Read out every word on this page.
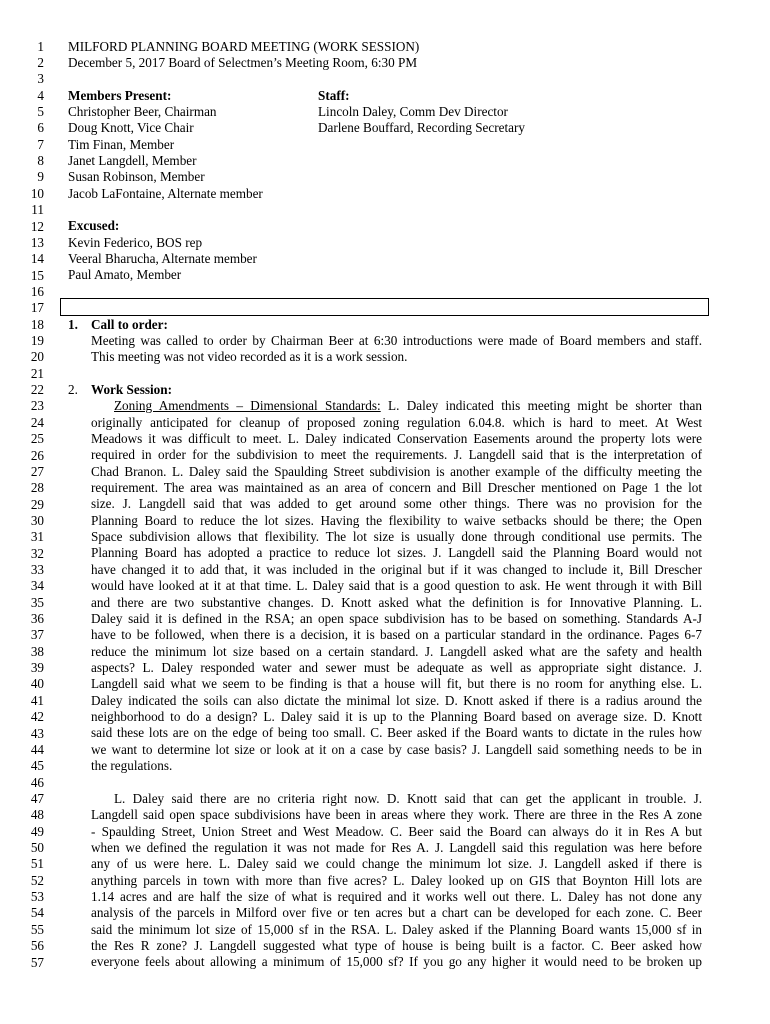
1
2
3
4
5
6
7
8
9
10
11
12
13
14
15
16
17
18
19
20
21
22
23
24
25
26
27
28
29
30
31
32
33
34
35
36
37
38
39
40
41
42
43
44
45
46
47
48
49
50
51
52
53
54
55
56
57
MILFORD PLANNING BOARD MEETING (WORK SESSION)
December 5, 2017 Board of Selectmen’s Meeting Room, 6:30 PM
Members Present:	Staff:
Christopher Beer, Chairman	Lincoln Daley, Comm Dev Director
Doug Knott, Vice Chair	Darlene Bouffard, Recording Secretary
Tim Finan, Member
Janet Langdell, Member
Susan Robinson, Member
Jacob LaFontaine, Alternate member
Excused:
Kevin Federico, BOS rep
Veeral Bharucha, Alternate member
Paul Amato, Member
1. Call to order:
Meeting was called to order by Chairman Beer at 6:30 introductions were made of Board members and staff.
This meeting was not video recorded as it is a work session.
2. Work Session:
Zoning Amendments – Dimensional Standards: L. Daley indicated this meeting might be shorter than
originally anticipated for cleanup of proposed zoning regulation 6.04.8. which is hard to meet. At West
Meadows it was difficult to meet. L. Daley indicated Conservation Easements around the property lots were
required in order for the subdivision to meet the requirements. J. Langdell said that is the interpretation of
Chad Branon. L. Daley said the Spaulding Street subdivision is another example of the difficulty meeting the
requirement. The area was maintained as an area of concern and Bill Drescher mentioned on Page 1 the lot
size. J. Langdell said that was added to get around some other things. There was no provision for the
Planning Board to reduce the lot sizes. Having the flexibility to waive setbacks should be there; the Open
Space subdivision allows that flexibility. The lot size is usually done through conditional use permits. The
Planning Board has adopted a practice to reduce lot sizes. J. Langdell said the Planning Board would not
have changed it to add that, it was included in the original but if it was changed to include it, Bill Drescher
would have looked at it at that time. L. Daley said that is a good question to ask. He went through it with Bill
and there are two substantive changes. D. Knott asked what the definition is for Innovative Planning. L.
Daley said it is defined in the RSA; an open space subdivision has to be based on something. Standards A-J
have to be followed, when there is a decision, it is based on a particular standard in the ordinance. Pages 6-7
reduce the minimum lot size based on a certain standard. J. Langdell asked what are the safety and health
aspects? L. Daley responded water and sewer must be adequate as well as appropriate sight distance. J.
Langdell said what we seem to be finding is that a house will fit, but there is no room for anything else. L.
Daley indicated the soils can also dictate the minimal lot size. D. Knott asked if there is a radius around the
neighborhood to do a design? L. Daley said it is up to the Planning Board based on average size. D. Knott
said these lots are on the edge of being too small. C. Beer asked if the Board wants to dictate in the rules how
we want to determine lot size or look at it on a case by case basis? J. Langdell said something needs to be in
the regulations.
L. Daley said there are no criteria right now. D. Knott said that can get the applicant in trouble. J.
Langdell said open space subdivisions have been in areas where they work. There are three in the Res A zone
- Spaulding Street, Union Street and West Meadow. C. Beer said the Board can always do it in Res A but
when we defined the regulation it was not made for Res A. J. Langdell said this regulation was here before
any of us were here. L. Daley said we could change the minimum lot size. J. Langdell asked if there is
anything parcels in town with more than five acres? L. Daley looked up on GIS that Boynton Hill lots are
1.14 acres and are half the size of what is required and it works well out there. L. Daley has not done any
analysis of the parcels in Milford over five or ten acres but a chart can be developed for each zone. C. Beer
said the minimum lot size of 15,000 sf in the RSA. L. Daley asked if the Planning Board wants 15,000 sf in
the Res R zone? J. Langdell suggested what type of house is being built is a factor. C. Beer asked how
everyone feels about allowing a minimum of 15,000 sf? If you go any higher it would need to be broken up
